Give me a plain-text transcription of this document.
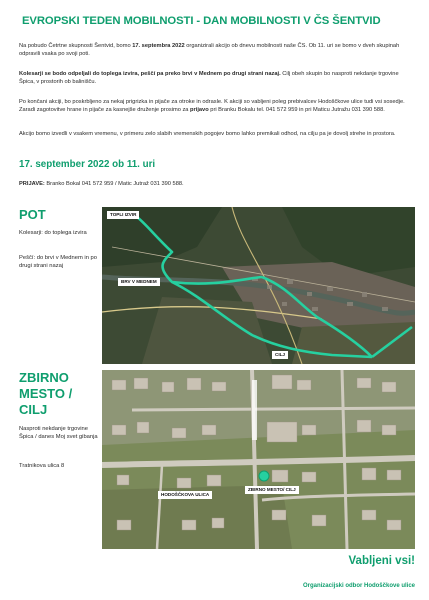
EVROPSKI TEDEN MOBILNOSTI - DAN MOBILNOSTI V ČS ŠENTVID
Na pobudo Četrtne skupnosti Šentvid, bomo 17. septembra 2022 organizirali akcijo ob dnevu mobilnosti naše ČS. Ob 11. uri se bomo v dveh skupinah odpravili vsaka po svoji poti.
Kolesarji se bodo odpeljali do toplega izvira, peščí pa preko brvi v Mednem po drugi strani nazaj. Cilj obeh skupin bo nasproti nekdanje trgovine Špica, v prostorih ob balinišču.
Po končani akciji, bo poskrbljeno za nekaj prigrizka in pijače za otroke in odrasle. K akciji so vabljeni poleg prebivalcev Hodoščkove ulice tudi vsi sosedje. Zaradi zagotovitve hrane in pijače za kasnejše druženje prosimo za prijavo pri Branku Bokalu tel. 041 572 959 in pri Maticu Jutražu 031 390 588.
Akcijo bomo izvedli v vsakem vremenu, v primeru zelo slabih vremenskih pogojev bomo lahko premikali odhod, na cilju pa je dovolj strehe in prostora.
17. september 2022 ob 11. uri
PRIJAVE: Branko Bokal 041 572 959 / Matic Jutraž 031 390 588.
POT
Kolesarji: do toplega izvira
Peščí: do brvi v Mednem in po drugi strani nazaj
TOPLI IZVIR
BRV V MEDNEM
CILJ
ZBIRNO
MESTO /
CILJ
Nasproti nekdanje trgovine Špica / danes Moj svet gibanja
Tratnikova ulica 8
HODOŠČKOVA ULICA
ZBIRNO MESTO/ CILJ
Vabljeni vsi!
Organizacijski odbor Hodoščkove ulice
